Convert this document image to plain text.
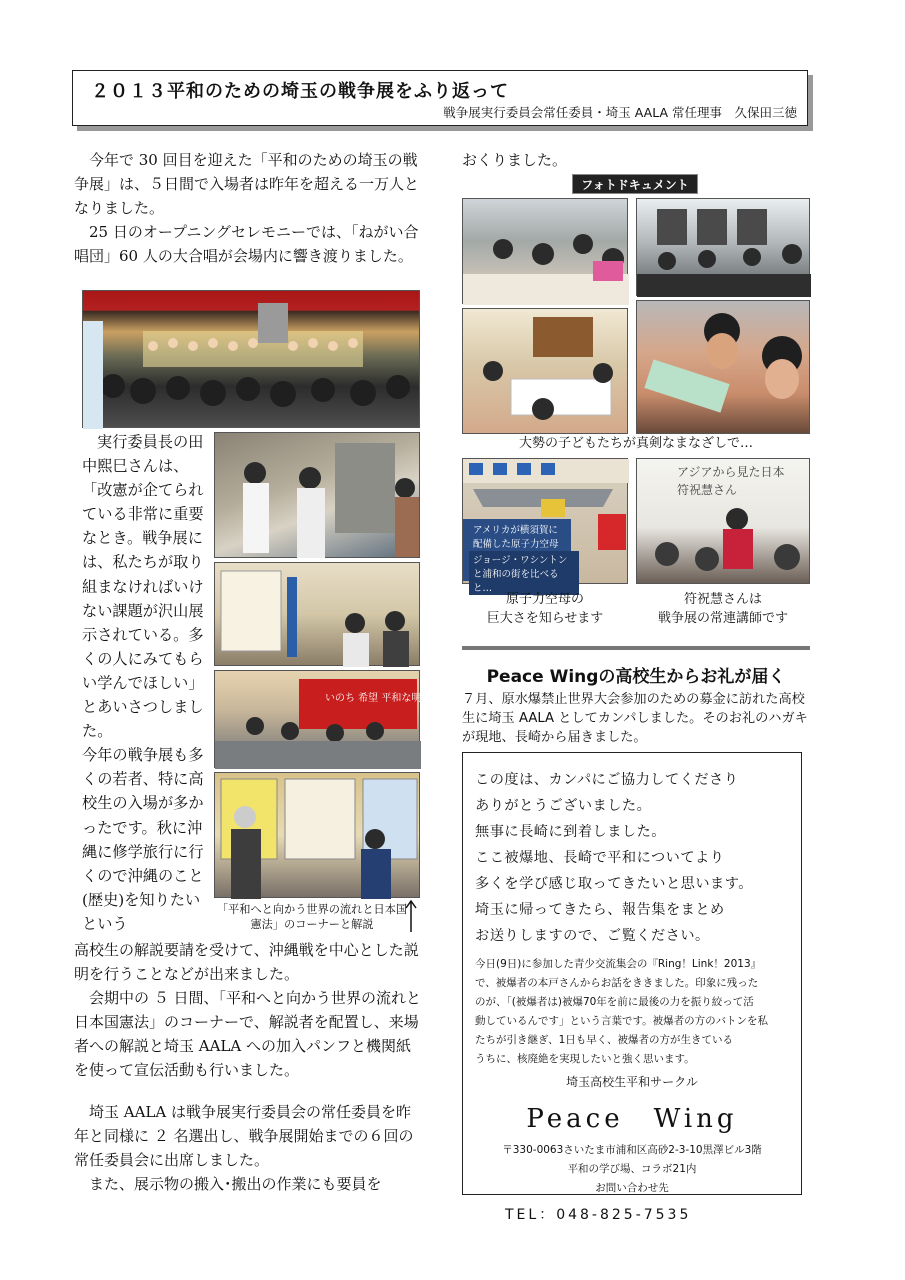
２０１３平和のための埼玉の戦争展をふり返って
戦争展実行委員会常任委員・埼玉 AALA 常任理事　久保田三徳
今年で 30 回目を迎えた「平和のための埼玉の戦争展」は、５日間で入場者は昨年を超える一万人となりました。
25 日のオープニングセレモニーでは、「ねがい合唱団」60 人の大合唱が会場内に響き渡りました。
実行委員長の田中熙巳さんは、「改憲が企てられている非常に重要なとき。戦争展には、私たちが取り組まなければいけない課題が沢山展示されている。多くの人にみてもらい学んでほしい」とあいさつしました。
今年の戦争展も多くの若者、特に高校生の入場が多かったです。秋に沖縄に修学旅行に行くので沖縄のこと(歴史)を知りたいという
いのち 希望 平和な明日へ
「平和へと向かう世界の流れと日本国憲法」のコーナーと解説
高校生の解説要請を受けて、沖縄戦を中心とした説明を行うことなどが出来ました。
会期中の ５ 日間、「平和へと向かう世界の流れと日本国憲法」のコーナーで、解説者を配置し、来場者への解説と埼玉 AALA への加入パンフと機関紙を使って宣伝活動も行いました。
埼玉 AALA は戦争展実行委員会の常任委員を昨年と同様に ２ 名選出し、戦争展開始までの６回の常任委員会に出席しました。
また、展示物の搬入･搬出の作業にも要員を
おくりました。
フォトドキュメント
大勢の子どもたちが真剣なまなざしで…
アメリカが横須賀に配備した原子力空母
ジョージ・ワシントンと浦和の街を比べると…
アジアから見た日本 符祝慧さん
原子力空母の
巨大さを知らせます
符祝慧さんは
戦争展の常連講師です
Peace Wingの高校生からお礼が届く
７月、原水爆禁止世界大会参加のための募金に訪れた高校生に埼玉 AALA としてカンパしました。そのお礼のハガキが現地、長崎から届きました。
この度は、カンパにご協力してくださり
ありがとうございました。
無事に長崎に到着しました。
ここ被爆地、長崎で平和についてより
多くを学び感じ取ってきたいと思います。
埼玉に帰ってきたら、報告集をまとめ
お送りしますので、ご覧ください。
今日(9日)に参加した青少交流集会の『Ring！Link！2013』
で、被爆者の本戸さんからお話をききました。印象に残った
のが、「(被爆者は)被爆70年を前に最後の力を振り絞って活
動しているんです」という言葉です。被爆者の方のバトンを私
たちが引き継ぎ、1日も早く、被爆者の方が生きている
うちに、核廃絶を実現したいと強く思います。
埼玉高校生平和サークル
Peace　Wing
〒330-0063さいたま市浦和区高砂2-3-10黒澤ビル3階
平和の学び場、コラボ21内
お問い合わせ先
TEL：048-825-7535
